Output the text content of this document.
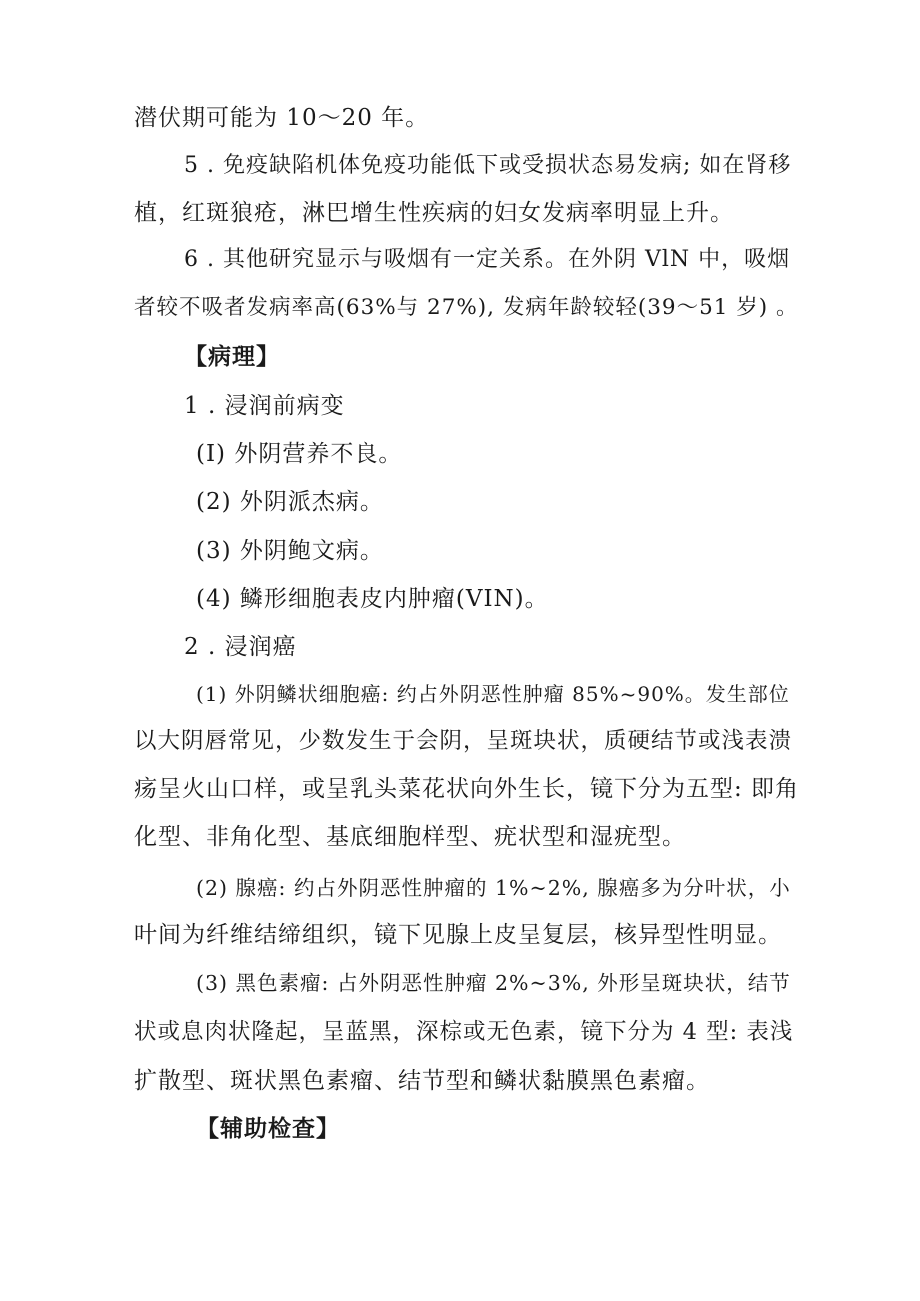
潜伏期可能为 10～20 年。
5 . 免疫缺陷机体免疫功能低下或受损状态易发病; 如在肾移
植，红斑狼疮，淋巴增生性疾病的妇女发病率明显上升。
6 . 其他研究显示与吸烟有一定关系。在外阴 VlN 中，吸烟
者较不吸者发病率高(63%与 27%), 发病年龄较轻(39～51 岁) 。
【病理】
1 . 浸润前病变
(I) 外阴营养不良。
(2) 外阴派杰病。
(3) 外阴鲍文病。
(4) 鳞形细胞表皮内肿瘤(VIN)。
2 . 浸润癌
(1) 外阴鳞状细胞癌: 约占外阴恶性肿瘤 85%~90%。发生部位
以大阴唇常见，少数发生于会阴，呈斑块状，质硬结节或浅表溃
疡呈火山口样，或呈乳头菜花状向外生长，镜下分为五型: 即角
化型、非角化型、基底细胞样型、疣状型和湿疣型。
(2) 腺癌: 约占外阴恶性肿瘤的 1%~2%, 腺癌多为分叶状，小
叶间为纤维结缔组织，镜下见腺上皮呈复层，核异型性明显。
(3) 黑色素瘤: 占外阴恶性肿瘤 2%~3%, 外形呈斑块状，结节
状或息肉状隆起，呈蓝黑，深棕或无色素，镜下分为 4 型: 表浅
扩散型、斑状黑色素瘤、结节型和鳞状黏膜黑色素瘤。
【辅助检查】
